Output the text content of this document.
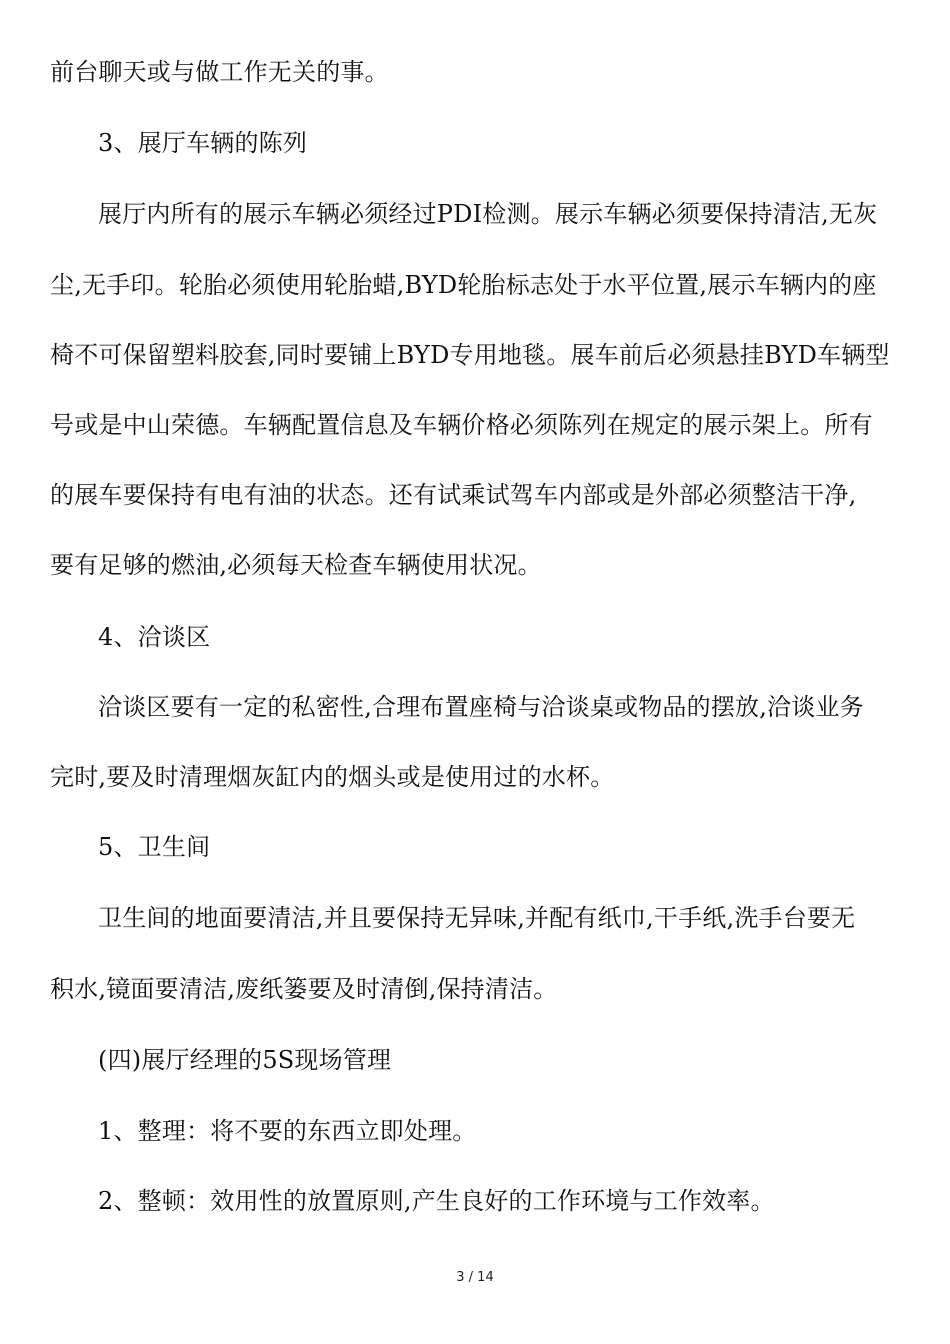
前台聊天或与做工作无关的事。
3、展厅车辆的陈列
展厅内所有的展示车辆必须经过PDI检测。展示车辆必须要保持清洁,无灰
尘,无手印。轮胎必须使用轮胎蜡,BYD轮胎标志处于水平位置,展示车辆内的座
椅不可保留塑料胶套,同时要铺上BYD专用地毯。展车前后必须悬挂BYD车辆型
号或是中山荣德。车辆配置信息及车辆价格必须陈列在规定的展示架上。所有
的展车要保持有电有油的状态。还有试乘试驾车内部或是外部必须整洁干净,
要有足够的燃油,必须每天检查车辆使用状况。
4、洽谈区
洽谈区要有一定的私密性,合理布置座椅与洽谈桌或物品的摆放,洽谈业务
完时,要及时清理烟灰缸内的烟头或是使用过的水杯。
5、卫生间
卫生间的地面要清洁,并且要保持无异味,并配有纸巾,干手纸,洗手台要无
积水,镜面要清洁,废纸篓要及时清倒,保持清洁。
(四)展厅经理的5S现场管理
1、整理：将不要的东西立即处理。
2、整顿：效用性的放置原则,产生良好的工作环境与工作效率。
3 / 14
